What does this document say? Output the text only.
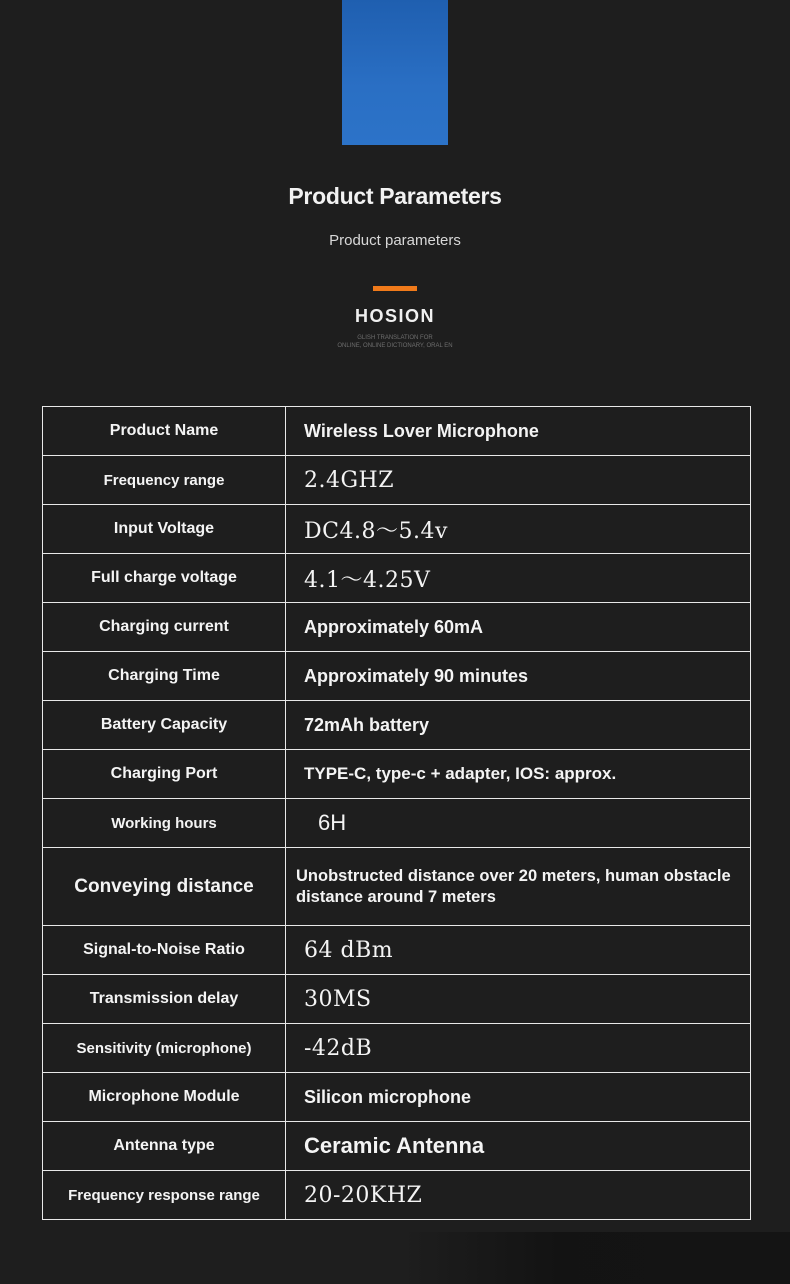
Product Parameters
Product parameters
HOSION
GLISH TRANSLATION FOR
ONLINE, ONLINE DICTIONARY, ORAL EN
Product Name	Wireless Lover Microphone
Frequency range	2.4GHZ
Input Voltage	DC4.8～5.4v
Full charge voltage	4.1～4.25V
Charging current	Approximately 60mA
Charging Time	Approximately 90 minutes
Battery Capacity	72mAh battery
Charging Port	TYPE-C, type-c + adapter, IOS: approx.
Working hours	6H
Conveying distance	Unobstructed distance over 20 meters, human obstacle distance around 7 meters
Signal-to-Noise Ratio	64 dBm
Transmission delay	30MS
Sensitivity (microphone)	-42dB
Microphone Module	Silicon microphone
Antenna type	Ceramic Antenna
Frequency response range	20-20KHZ
